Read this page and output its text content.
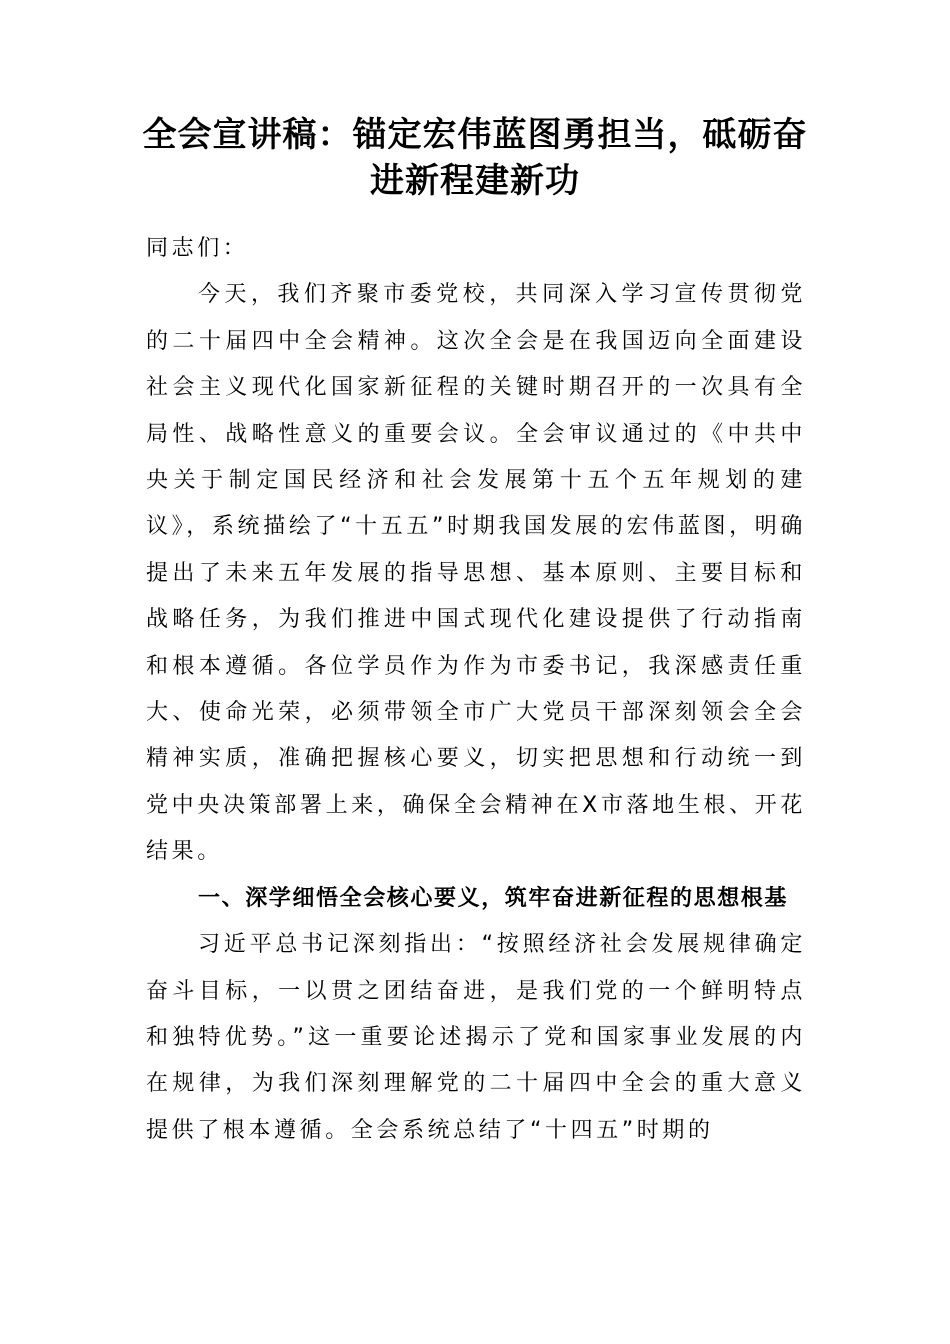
全会宣讲稿：锚定宏伟蓝图勇担当，砥砺奋进新程建新功

同志们：

今天，我们齐聚市委党校，共同深入学习宣传贯彻党的二十届四中全会精神。这次全会是在我国迈向全面建设社会主义现代化国家新征程的关键时期召开的一次具有全局性、战略性意义的重要会议。全会审议通过的《中共中央关于制定国民经济和社会发展第十五个五年规划的建议》，系统描绘了“十五五”时期我国发展的宏伟蓝图，明确提出了未来五年发展的指导思想、基本原则、主要目标和战略任务，为我们推进中国式现代化建设提供了行动指南和根本遵循。各位学员作为作为市委书记，我深感责任重大、使命光荣，必须带领全市广大党员干部深刻领会全会精神实质，准确把握核心要义，切实把思想和行动统一到党中央决策部署上来，确保全会精神在X市落地生根、开花结果。

一、深学细悟全会核心要义，筑牢奋进新征程的思想根基

习近平总书记深刻指出：“按照经济社会发展规律确定奋斗目标，一以贯之团结奋进，是我们党的一个鲜明特点和独特优势。”这一重要论述揭示了党和国家事业发展的内在规律，为我们深刻理解党的二十届四中全会的重大意义提供了根本遵循。全会系统总结了“十四五”时期的
